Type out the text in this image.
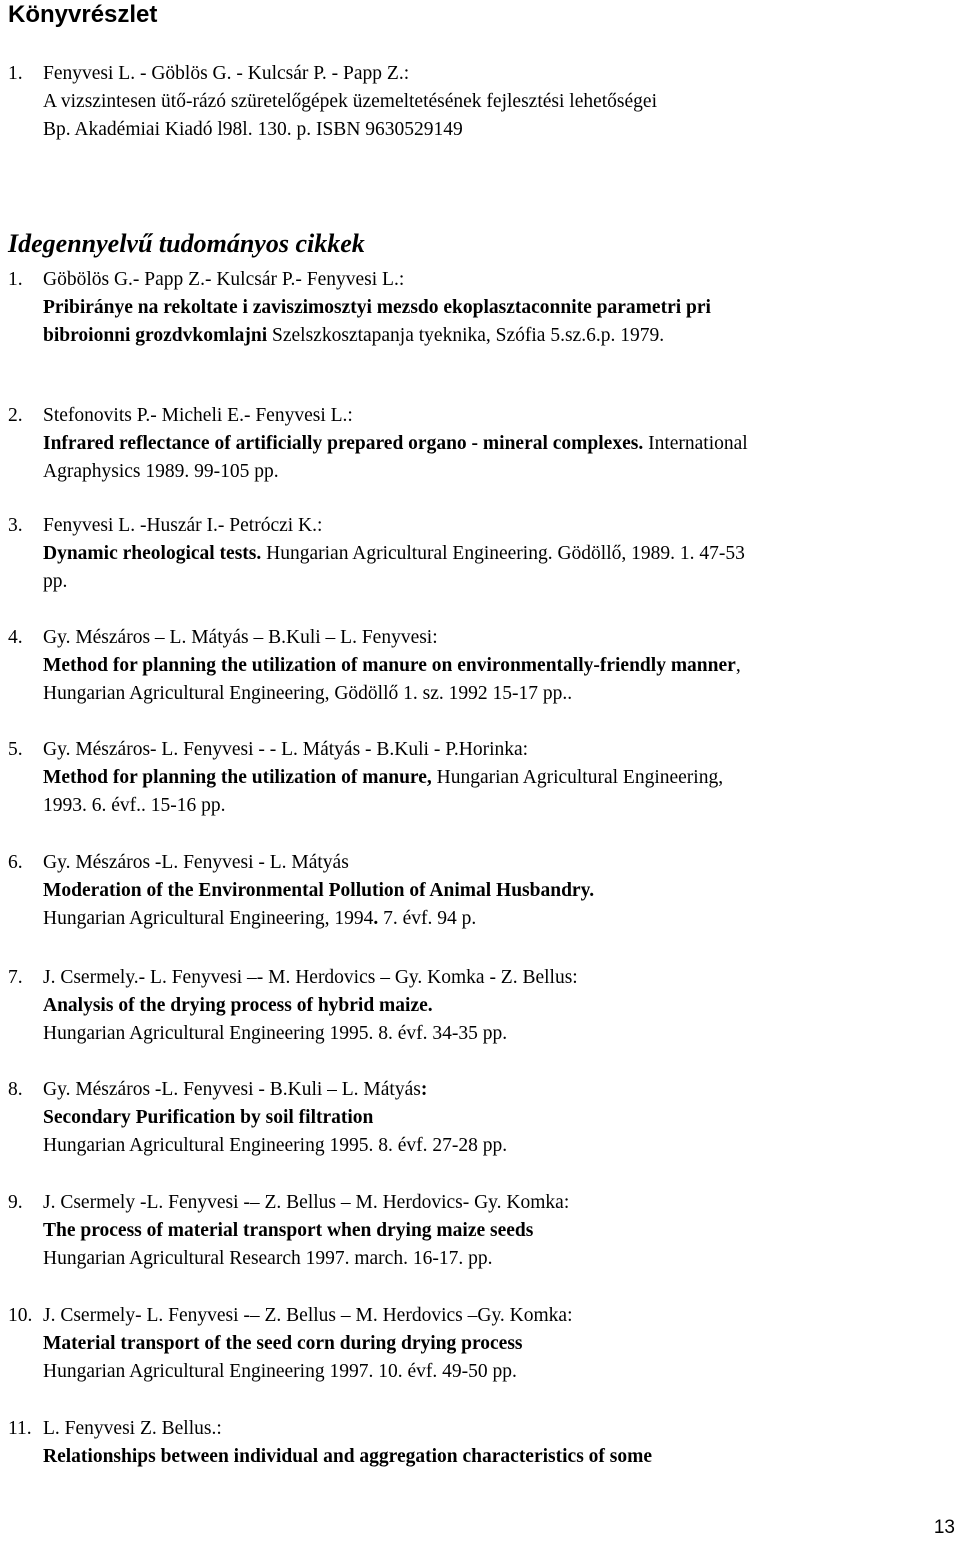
Könyvrészlet
1. Fenyvesi L. - Göblös G. - Kulcsár P. - Papp Z.:
A vizszintesen ütő-rázó szüretelőgépek üzemeltetésének fejlesztési lehetőségei
Bp. Akadémiai Kiadó l98l. 130. p. ISBN 9630529149
Idegennyelvű tudományos cikkek
1. Göbölös G.- Papp Z.- Kulcsár P.- Fenyvesi L.:
Pribiránye na rekoltate i zaviszimosztyi mezsdo ekoplasztaconnite parametri pri
bibroionni grozdvkomlajni Szelszkosztapanja tyeknika, Szófia 5.sz.6.p. 1979.
2. Stefonovits P.- Micheli E.- Fenyvesi L.:
Infrared reflectance of artificially prepared organo - mineral complexes. International
Agraphysics 1989. 99-105 pp.
3. Fenyvesi L. -Huszár I.- Petróczi K.:
Dynamic rheological tests. Hungarian Agricultural Engineering. Gödöllő, 1989. 1. 47-53
pp.
4. Gy. Mészáros – L. Mátyás – B.Kuli – L. Fenyvesi:
Method for planning the utilization of manure on environmentally-friendly manner,
Hungarian Agricultural Engineering, Gödöllő 1. sz. 1992 15-17 pp..
5. Gy. Mészáros- L. Fenyvesi - - L. Mátyás - B.Kuli - P.Horinka:
Method for planning the utilization of manure, Hungarian Agricultural Engineering,
1993. 6. évf.. 15-16 pp.
6. Gy. Mészáros -L. Fenyvesi - L. Mátyás
Moderation of the Environmental Pollution of Animal Husbandry.
Hungarian Agricultural Engineering, 1994. 7. évf. 94 p.
7. J. Csermely.- L. Fenyvesi –- M. Herdovics – Gy. Komka - Z. Bellus:
Analysis of the drying process of hybrid maize.
Hungarian Agricultural Engineering 1995. 8. évf. 34-35 pp.
8. Gy. Mészáros -L. Fenyvesi - B.Kuli – L. Mátyás:
Secondary Purification by soil filtration
Hungarian Agricultural Engineering 1995. 8. évf. 27-28 pp.
9. J. Csermely -L. Fenyvesi -– Z. Bellus – M. Herdovics- Gy. Komka:
The process of material transport when drying maize seeds
Hungarian Agricultural Research 1997. march. 16-17. pp.
10. J. Csermely- L. Fenyvesi -– Z. Bellus – M. Herdovics –Gy. Komka:
Material transport of the seed corn during drying process
Hungarian Agricultural Engineering 1997. 10. évf. 49-50 pp.
11. L. Fenyvesi Z. Bellus.:
Relationships between individual and aggregation characteristics of some
13
